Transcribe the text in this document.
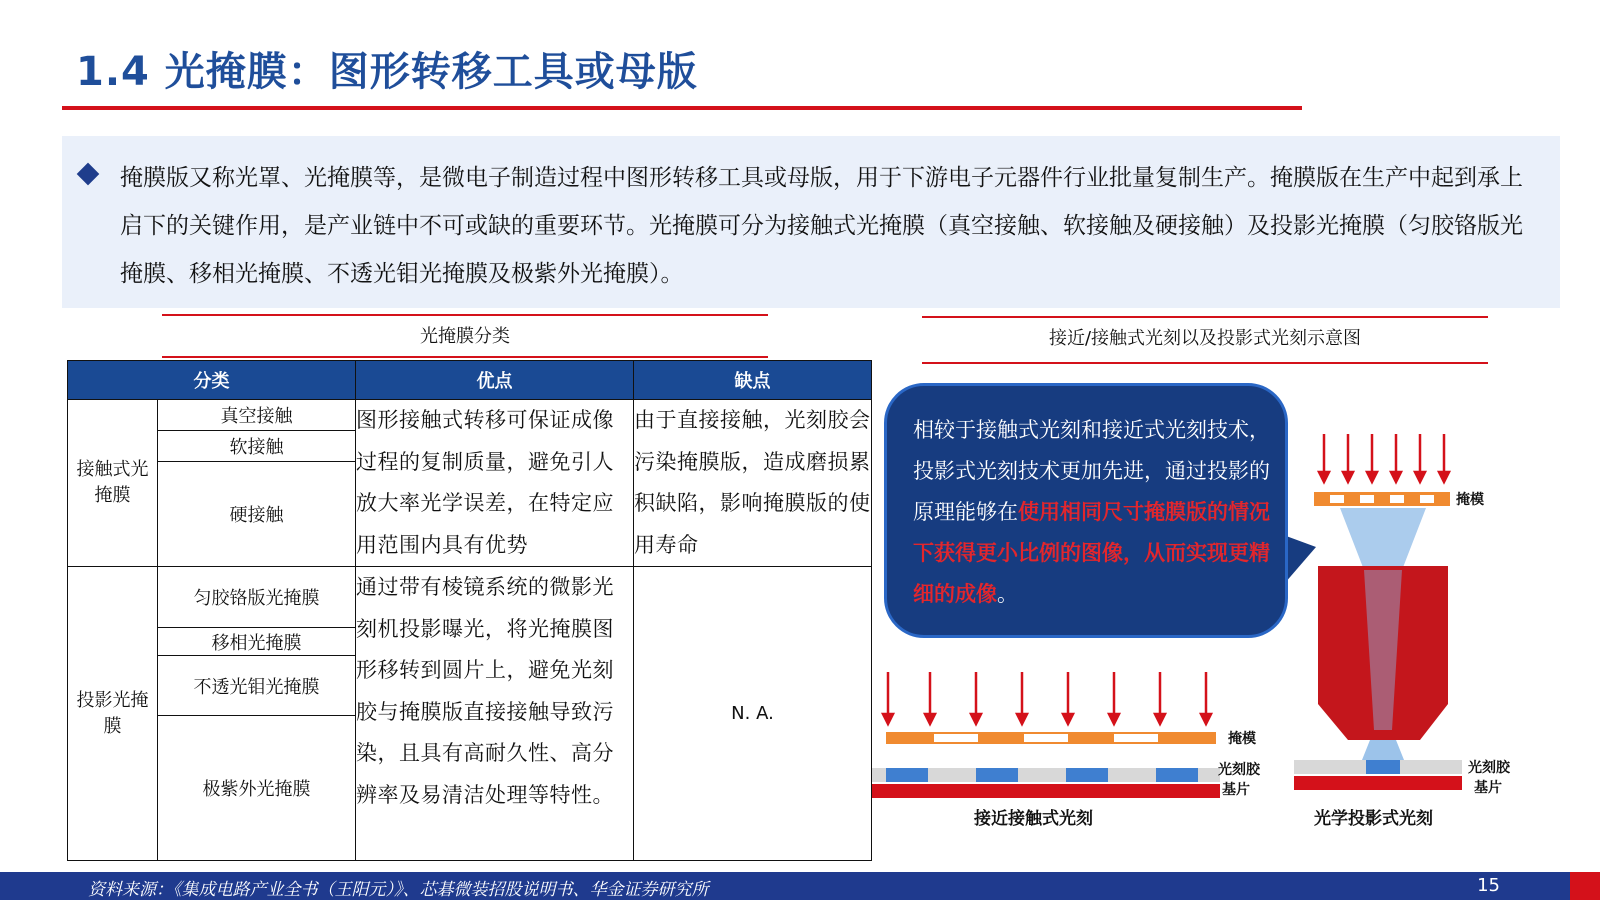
1.4 光掩膜：图形转移工具或母版
掩膜版又称光罩、光掩膜等，是微电子制造过程中图形转移工具或母版，用于下游电子元器件行业批量复制生产。掩膜版在生产中起到承上启下的关键作用，是产业链中不可或缺的重要环节。光掩膜可分为接触式光掩膜（真空接触、软接触及硬接触）及投影光掩膜（匀胶铬版光掩膜、移相光掩膜、不透光钼光掩膜及极紫外光掩膜）。
光掩膜分类
分类		优点	缺点
接触式光掩膜	真空接触	图形接触式转移可保证成像过程的复制质量，避免引人放大率光学误差，在特定应用范围内具有优势	由于直接接触，光刻胶会污染掩膜版，造成磨损累积缺陷，影响掩膜版的使用寿命
	软接触		
	硬接触		
投影光掩膜	匀胶铬版光掩膜	通过带有棱镜系统的微影光刻机投影曝光，将光掩膜图形移转到圆片上，避免光刻胶与掩膜版直接接触导致污染，且具有高耐久性、高分辨率及易清洁处理等特性。	N. A.
	移相光掩膜		
	不透光钼光掩膜		
	极紫外光掩膜		
接近/接触式光刻以及投影式光刻示意图
掩模
光刻胶
基片
接近接触式光刻
掩模
光刻胶
基片
光学投影式光刻
相较于接触式光刻和接近式光刻技术，投影式光刻技术更加先进，通过投影的原理能够在使用相同尺寸掩膜版的情况下获得更小比例的图像，从而实现更精细的成像。
资料来源：《集成电路产业全书（王阳元）》、芯碁微装招股说明书、华金证券研究所	15
